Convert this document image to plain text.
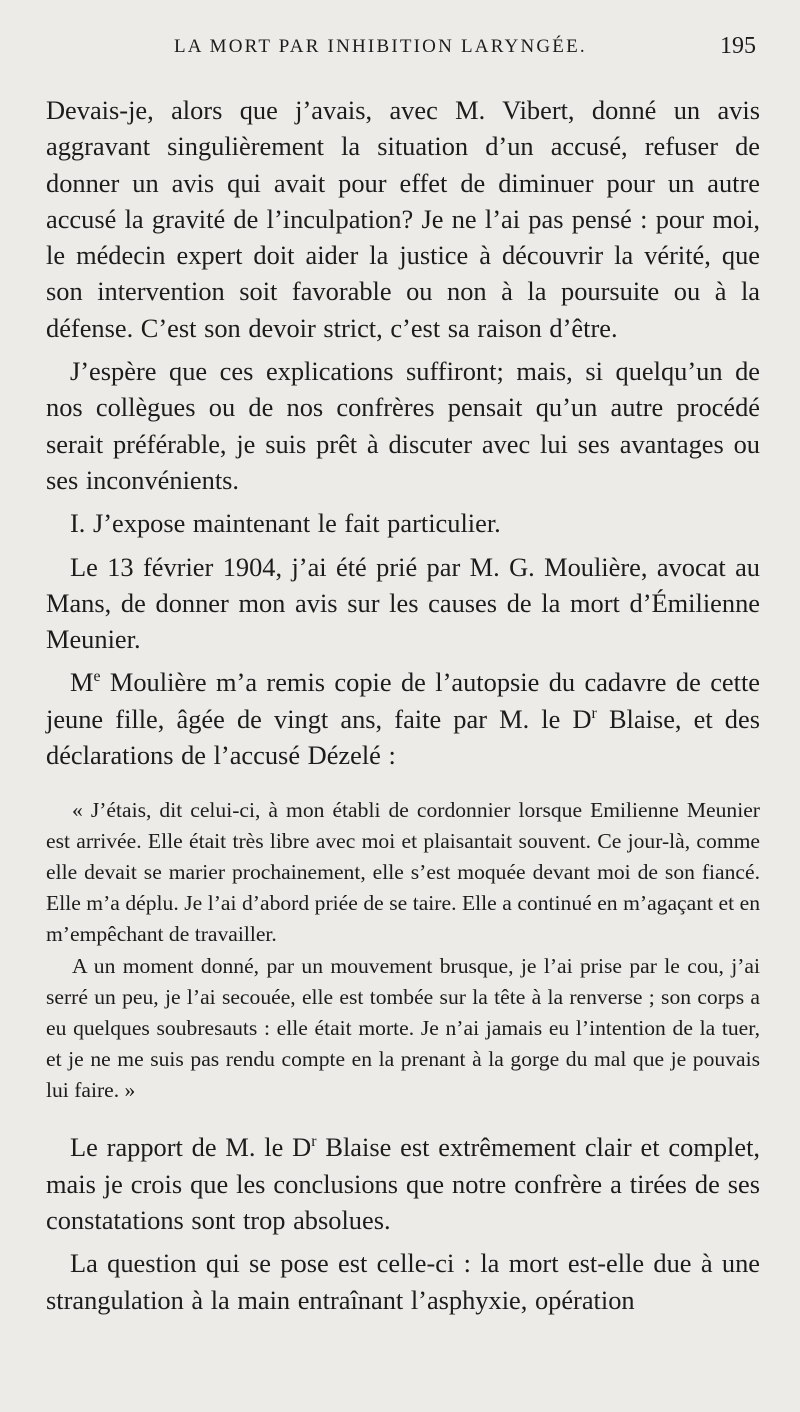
LA MORT PAR INHIBITION LARYNGÉE.	195

Devais-je, alors que j’avais, avec M. Vibert, donné un avis aggravant singulièrement la situation d’un accusé, refuser de donner un avis qui avait pour effet de diminuer pour un autre accusé la gravité de l’inculpation? Je ne l’ai pas pensé : pour moi, le médecin expert doit aider la justice à découvrir la vérité, que son intervention soit favorable ou non à la poursuite ou à la défense. C’est son devoir strict, c’est sa raison d’être.

J’espère que ces explications suffiront; mais, si quelqu’un de nos collègues ou de nos confrères pensait qu’un autre procédé serait préférable, je suis prêt à discuter avec lui ses avantages ou ses inconvénients.

I. J’expose maintenant le fait particulier.

Le 13 février 1904, j’ai été prié par M. G. Moulière, avocat au Mans, de donner mon avis sur les causes de la mort d’Émilienne Meunier.

Me Moulière m’a remis copie de l’autopsie du cadavre de cette jeune fille, âgée de vingt ans, faite par M. le $D^r$ Blaise, et des déclarations de l’accusé Dézelé :

« J’étais, dit celui-ci, à mon établi de cordonnier lorsque Emilienne Meunier est arrivée. Elle était très libre avec moi et plaisantait souvent. Ce jour-là, comme elle devait se marier prochainement, elle s’est moquée devant moi de son fiancé. Elle m’a déplu. Je l’ai d’abord priée de se taire. Elle a continué en m’agaçant et en m’empêchant de travailler.

A un moment donné, par un mouvement brusque, je l’ai prise par le cou, j’ai serré un peu, je l’ai secouée, elle est tombée sur la tête à la renverse ; son corps a eu quelques soubresauts : elle était morte. Je n’ai jamais eu l’intention de la tuer, et je ne me suis pas rendu compte en la prenant à la gorge du mal que je pouvais lui faire. »

Le rapport de M. le $D^r$ Blaise est extrêmement clair et complet, mais je crois que les conclusions que notre confrère a tirées de ses constatations sont trop absolues.

La question qui se pose est celle-ci : la mort est-elle due à une strangulation à la main entraînant l’asphyxie, opération
